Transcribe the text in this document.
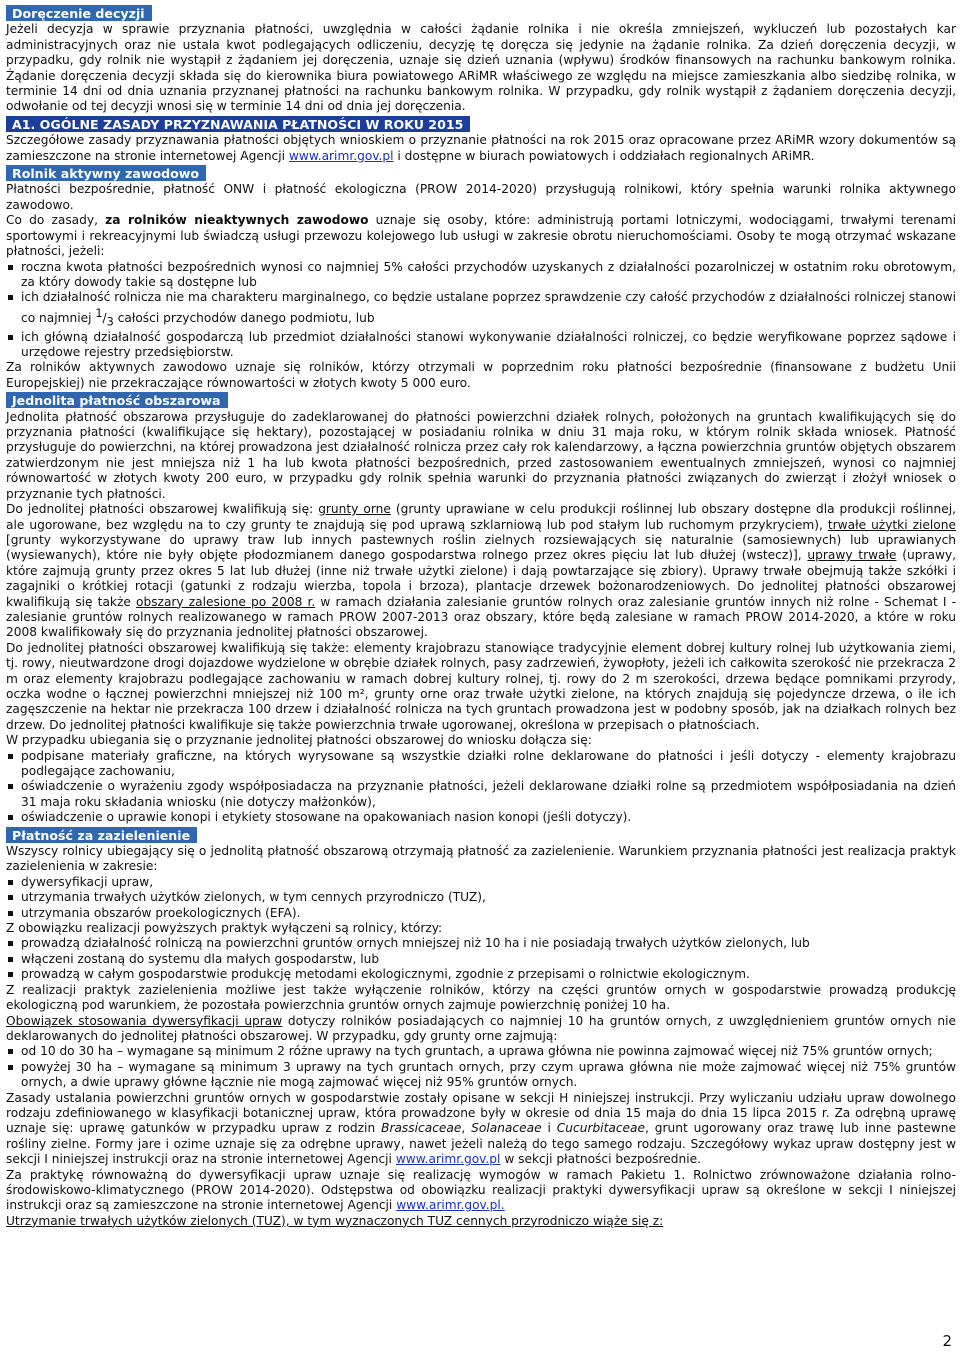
Doręczenie decyzji

Jeżeli decyzja w sprawie przyznania płatności, uwzględnia w całości żądanie rolnika i nie określa zmniejszeń, wykluczeń lub pozostałych kar administracyjnych oraz nie ustala kwot podlegających odliczeniu, decyzję tę doręcza się jedynie na żądanie rolnika. Za dzień doręczenia decyzji, w przypadku, gdy rolnik nie wystąpił z żądaniem jej doręczenia, uznaje się dzień uznania (wpływu) środków finansowych na rachunku bankowym rolnika. Żądanie doręczenia decyzji składa się do kierownika biura powiatowego ARiMR właściwego ze względu na miejsce zamieszkania albo siedzibę rolnika, w terminie 14 dni od dnia uznania przyznanej płatności na rachunku bankowym rolnika. W przypadku, gdy rolnik wystąpił z żądaniem doręczenia decyzji, odwołanie od tej decyzji wnosi się w terminie 14 dni od dnia jej doręczenia.

A1. OGÓLNE ZASADY PRZYZNAWANIA PŁATNOŚCI W ROKU 2015

Szczegółowe zasady przyznawania płatności objętych wnioskiem o przyznanie płatności na rok 2015 oraz opracowane przez ARiMR wzory dokumentów są zamieszczone na stronie internetowej Agencji www.arimr.gov.pl i dostępne w biurach powiatowych i oddziałach regionalnych ARiMR.

Rolnik aktywny zawodowo

Płatności bezpośrednie, płatność ONW i płatność ekologiczna (PROW 2014-2020) przysługują rolnikowi, który spełnia warunki rolnika aktywnego zawodowo.

Co do zasady, za rolników nieaktywnych zawodowo uznaje się osoby, które: administrują portami lotniczymi, wodociągami, trwałymi terenami sportowymi i rekreacyjnymi lub świadczą usługi przewozu kolejowego lub usługi w zakresie obrotu nieruchomościami. Osoby te mogą otrzymać wskazane płatności, jeżeli:

roczna kwota płatności bezpośrednich wynosi co najmniej 5% całości przychodów uzyskanych z działalności pozarolniczej w ostatnim roku obrotowym, za który dowody takie są dostępne lub
ich działalność rolnicza nie ma charakteru marginalnego, co będzie ustalane poprzez sprawdzenie czy całość przychodów z działalności rolniczej stanowi co najmniej $^1/_3$ całości przychodów danego podmiotu, lub
ich główną działalność gospodarczą lub przedmiot działalności stanowi wykonywanie działalności rolniczej, co będzie weryfikowane poprzez sądowe i urzędowe rejestry przedsiębiorstw.

Za rolników aktywnych zawodowo uznaje się rolników, którzy otrzymali w poprzednim roku płatności bezpośrednie (finansowane z budżetu Unii Europejskiej) nie przekraczające równowartości w złotych kwoty 5 000 euro.

Jednolita płatność obszarowa

Jednolita płatność obszarowa przysługuje do zadeklarowanej do płatności powierzchni działek rolnych, położonych na gruntach kwalifikujących się do przyznania płatności (kwalifikujące się hektary), pozostającej w posiadaniu rolnika w dniu 31 maja roku, w którym rolnik składa wniosek. Płatność przysługuje do powierzchni, na której prowadzona jest działalność rolnicza przez cały rok kalendarzowy, a łączna powierzchnia gruntów objętych obszarem zatwierdzonym nie jest mniejsza niż 1 ha lub kwota płatności bezpośrednich, przed zastosowaniem ewentualnych zmniejszeń, wynosi co najmniej równowartość w złotych kwoty 200 euro, w przypadku gdy rolnik spełnia warunki do przyznania płatności związanych do zwierząt i złożył wniosek o przyznanie tych płatności.

Do jednolitej płatności obszarowej kwalifikują się: grunty orne (grunty uprawiane w celu produkcji roślinnej lub obszary dostępne dla produkcji roślinnej, ale ugorowane, bez względu na to czy grunty te znajdują się pod uprawą szklarniową lub pod stałym lub ruchomym przykryciem), trwałe użytki zielone [grunty wykorzystywane do uprawy traw lub innych pastewnych roślin zielnych rozsiewających się naturalnie (samosiewnych) lub uprawianych (wysiewanych), które nie były objęte płodozmianem danego gospodarstwa rolnego przez okres pięciu lat lub dłużej (wstecz)], uprawy trwałe (uprawy, które zajmują grunty przez okres 5 lat lub dłużej (inne niż trwałe użytki zielone) i dają powtarzające się zbiory). Uprawy trwałe obejmują także szkółki i zagajniki o krótkiej rotacji (gatunki z rodzaju wierzba, topola i brzoza), plantacje drzewek bożonarodzeniowych. Do jednolitej płatności obszarowej kwalifikują się także obszary zalesione po 2008 r. w ramach działania zalesianie gruntów rolnych oraz zalesianie gruntów innych niż rolne - Schemat I - zalesianie gruntów rolnych realizowanego w ramach PROW 2007-2013 oraz obszary, które będą zalesiane w ramach PROW 2014-2020, a które w roku 2008 kwalifikowały się do przyznania jednolitej płatności obszarowej.

Do jednolitej płatności obszarowej kwalifikują się także: elementy krajobrazu stanowiące tradycyjnie element dobrej kultury rolnej lub użytkowania ziemi, tj. rowy, nieutwardzone drogi dojazdowe wydzielone w obrębie działek rolnych, pasy zadrzewień, żywopłoty, jeżeli ich całkowita szerokość nie przekracza 2 m oraz elementy krajobrazu podlegające zachowaniu w ramach dobrej kultury rolnej, tj. rowy do 2 m szerokości, drzewa będące pomnikami przyrody, oczka wodne o łącznej powierzchni mniejszej niż 100 m², grunty orne oraz trwałe użytki zielone, na których znajdują się pojedyncze drzewa, o ile ich zagęszczenie na hektar nie przekracza 100 drzew i działalność rolnicza na tych gruntach prowadzona jest w podobny sposób, jak na działkach rolnych bez drzew. Do jednolitej płatności kwalifikuje się także powierzchnia trwałe ugorowanej, określona w przepisach o płatnościach.

W przypadku ubiegania się o przyznanie jednolitej płatności obszarowej do wniosku dołącza się:

podpisane materiały graficzne, na których wyrysowane są wszystkie działki rolne deklarowane do płatności i jeśli dotyczy - elementy krajobrazu podlegające zachowaniu,
oświadczenie o wyrażeniu zgody współposiadacza na przyznanie płatności, jeżeli deklarowane działki rolne są przedmiotem współposiadania na dzień 31 maja roku składania wniosku (nie dotyczy małżonków),
oświadczenie o uprawie konopi i etykiety stosowane na opakowaniach nasion konopi (jeśli dotyczy).
Płatność za zazielenienie

Wszyscy rolnicy ubiegający się o jednolitą płatność obszarową otrzymają płatność za zazielenienie. Warunkiem przyznania płatności jest realizacja praktyk zazielenienia w zakresie:

dywersyfikacji upraw,
utrzymania trwałych użytków zielonych, w tym cennych przyrodniczo (TUZ),
utrzymania obszarów proekologicznych (EFA).

Z obowiązku realizacji powyższych praktyk wyłączeni są rolnicy, którzy:

prowadzą działalność rolniczą na powierzchni gruntów ornych mniejszej niż 10 ha i nie posiadają trwałych użytków zielonych, lub
włączeni zostaną do systemu dla małych gospodarstw, lub
prowadzą w całym gospodarstwie produkcję metodami ekologicznymi, zgodnie z przepisami o rolnictwie ekologicznym.

Z realizacji praktyk zazielenienia możliwe jest także wyłączenie rolników, którzy na części gruntów ornych w gospodarstwie prowadzą produkcję ekologiczną pod warunkiem, że pozostała powierzchnia gruntów ornych zajmuje powierzchnię poniżej 10 ha.

Obowiązek stosowania dywersyfikacji upraw dotyczy rolników posiadających co najmniej 10 ha gruntów ornych, z uwzględnieniem gruntów ornych nie deklarowanych do jednolitej płatności obszarowej. W przypadku, gdy grunty orne zajmują:

od 10 do 30 ha – wymagane są minimum 2 różne uprawy na tych gruntach, a uprawa główna nie powinna zajmować więcej niż 75% gruntów ornych;
powyżej 30 ha – wymagane są minimum 3 uprawy na tych gruntach ornych, przy czym uprawa główna nie może zajmować więcej niż 75% gruntów ornych, a dwie uprawy główne łącznie nie mogą zajmować więcej niż 95% gruntów ornych.

Zasady ustalania powierzchni gruntów ornych w gospodarstwie zostały opisane w sekcji H niniejszej instrukcji. Przy wyliczaniu udziału upraw dowolnego rodzaju zdefiniowanego w klasyfikacji botanicznej upraw, która prowadzone były w okresie od dnia 15 maja do dnia 15 lipca 2015 r. Za odrębną uprawę uznaje się: uprawę gatunków w przypadku upraw z rodzin Brassicaceae, Solanaceae i Cucurbitaceae, grunt ugorowany oraz trawę lub inne pastewne rośliny zielne. Formy jare i ozime uznaje się za odrębne uprawy, nawet jeżeli należą do tego samego rodzaju. Szczegółowy wykaz upraw dostępny jest w sekcji I niniejszej instrukcji oraz na stronie internetowej Agencji www.arimr.gov.pl w sekcji płatności bezpośrednie.

Za praktykę równoważną do dywersyfikacji upraw uznaje się realizację wymogów w ramach Pakietu 1. Rolnictwo zrównoważone działania rolno-środowiskowo-klimatycznego (PROW 2014-2020). Odstępstwa od obowiązku realizacji praktyki dywersyfikacji upraw są określone w sekcji I niniejszej instrukcji oraz są zamieszczone na stronie internetowej Agencji www.arimr.gov.pl.

Utrzymanie trwałych użytków zielonych (TUZ), w tym wyznaczonych TUZ cennych przyrodniczo wiąże się z:

2
